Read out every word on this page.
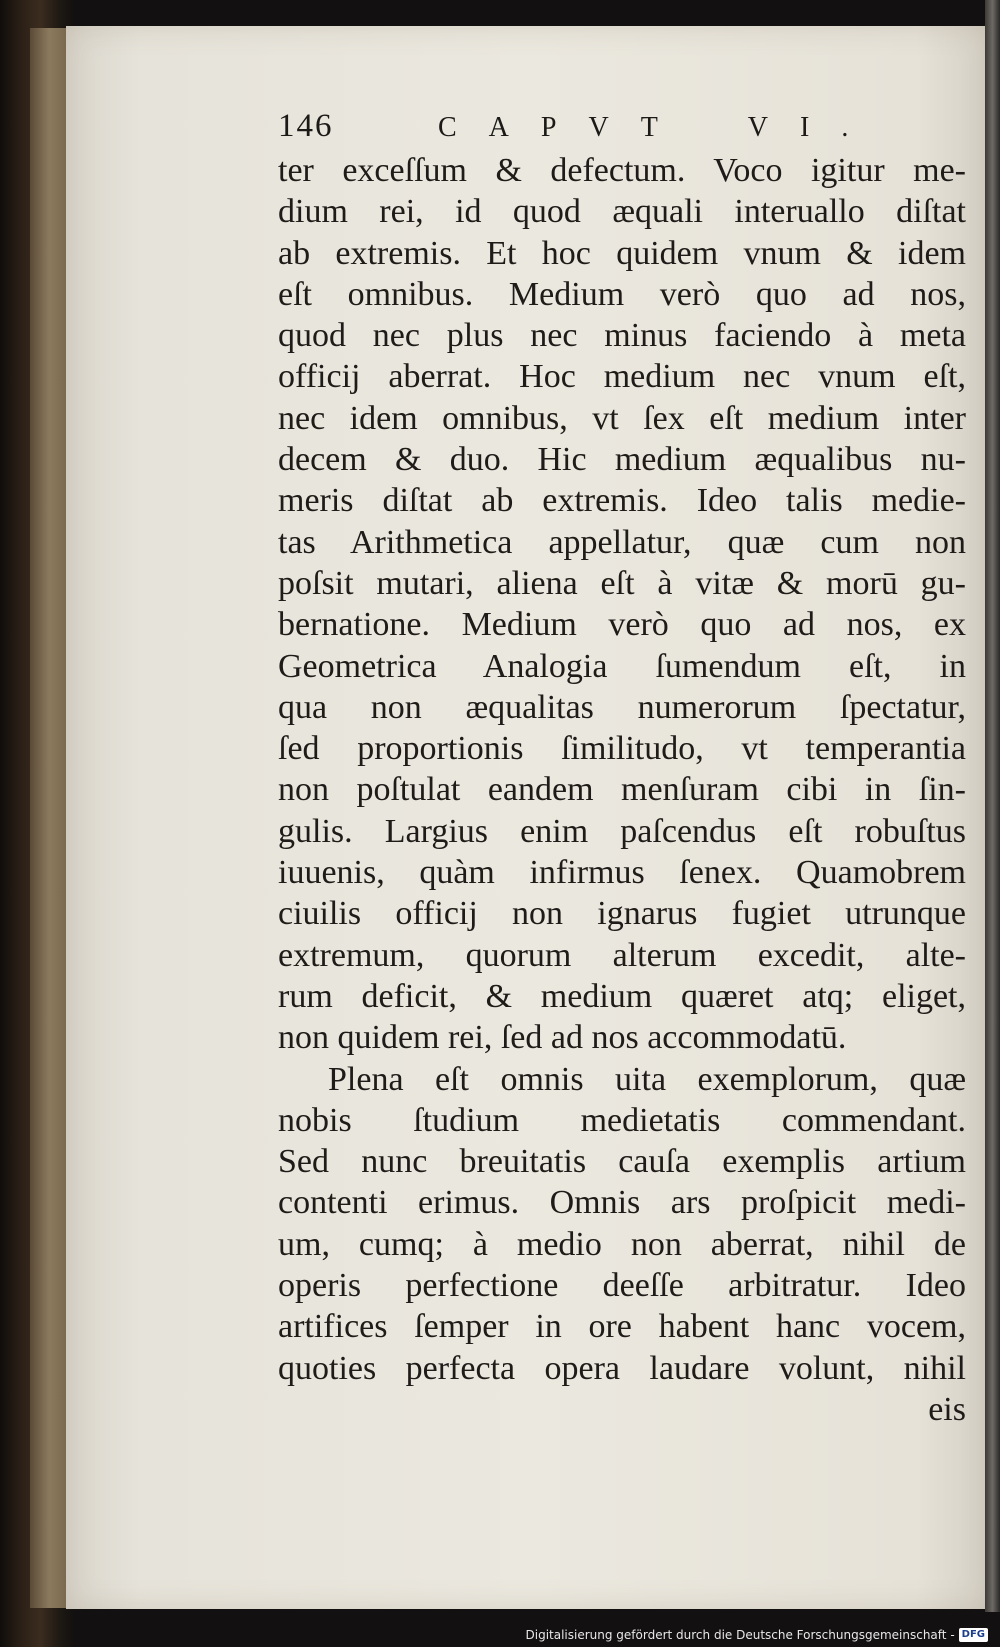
146	CAPVT VI.
ter exceſſum & defectum. Voco igitur me-
dium rei, id quod æquali interuallo diſtat
ab extremis. Et hoc quidem vnum & idem
eſt omnibus. Medium verò quo ad nos,
quod nec plus nec minus faciendo à meta
officij aberrat. Hoc medium nec vnum eſt,
nec idem omnibus, vt ſex eſt medium inter
decem & duo. Hic medium æqualibus nu-
meris diſtat ab extremis. Ideo talis medie-
tas Arithmetica appellatur, quæ cum non
poſsit mutari, aliena eſt à vitæ & morū gu-
bernatione. Medium verò quo ad nos, ex
Geometrica Analogia ſumendum eſt, in
qua non æqualitas numerorum ſpectatur,
ſed proportionis ſimilitudo, vt temperantia
non poſtulat eandem menſuram cibi in ſin-
gulis. Largius enim paſcendus eſt robuſtus
iuuenis, quàm infirmus ſenex. Quamobrem
ciuilis officij non ignarus fugiet utrunque
extremum, quorum alterum excedit, alte-
rum deficit, & medium quæret atq; eliget,
non quidem rei, ſed ad nos accommodatū.
Plena eſt omnis uita exemplorum, quæ
nobis ſtudium medietatis commendant.
Sed nunc breuitatis cauſa exemplis artium
contenti erimus. Omnis ars proſpicit medi-
um, cumq; à medio non aberrat, nihil de
operis perfectione deeſſe arbitratur. Ideo
artifices ſemper in ore habent hanc vocem,
quoties perfecta opera laudare volunt, nihil
eis
Digitalisierung gefördert durch die Deutsche Forschungsgemeinschaft - DFG
